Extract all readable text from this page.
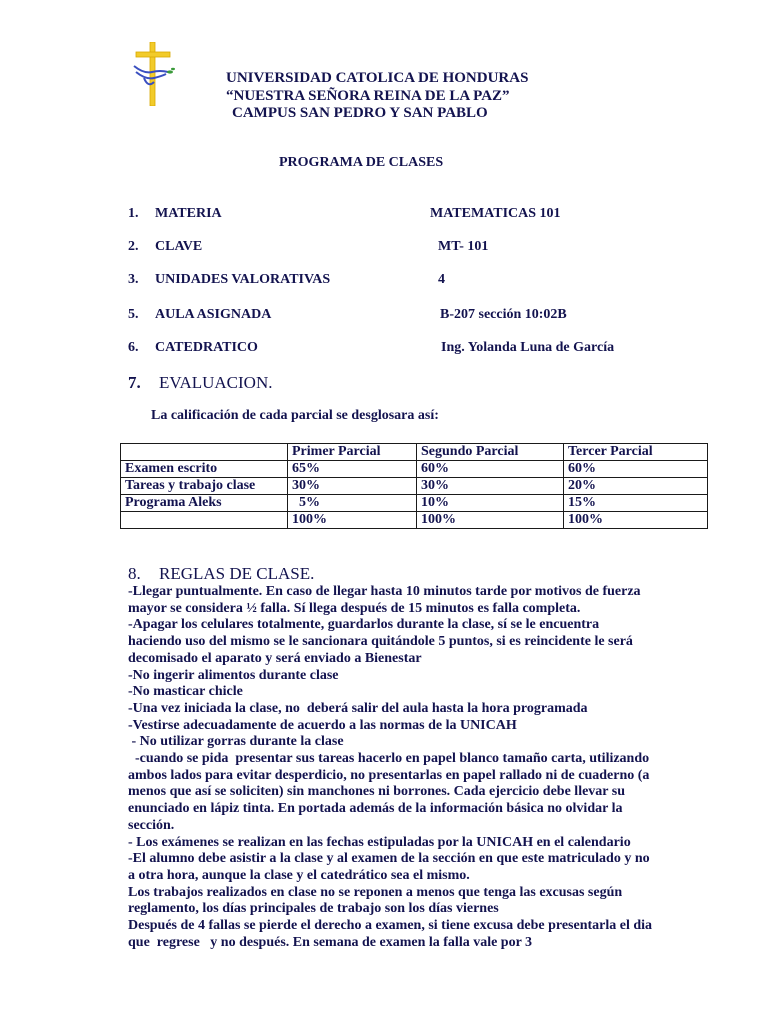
UNIVERSIDAD CATOLICA DE HONDURAS
“NUESTRA SEÑORA REINA DE LA PAZ”
CAMPUS SAN PEDRO Y SAN PABLO
PROGRAMA DE CLASES
1. MATERIA	MATEMATICAS 101
2. CLAVE	MT- 101
3. UNIDADES VALORATIVAS	4
5. AULA ASIGNADA	B-207 sección 10:02B
6. CATEDRATICO	Ing. Yolanda Luna de García
7. EVALUACION.
La calificación de cada parcial se desglosara así:
	Primer Parcial	Segundo Parcial	Tercer Parcial
Examen escrito	65%	60%	60%
Tareas y trabajo clase	30%	30%	20%
Programa Aleks	5%	10%	15%
	100%	100%	100%
8. REGLAS DE CLASE.
-Llegar puntualmente. En caso de llegar hasta 10 minutos tarde por motivos de fuerza
mayor se considera ½ falla. Sí llega después de 15 minutos es falla completa.
-Apagar los celulares totalmente, guardarlos durante la clase, sí se le encuentra
haciendo uso del mismo se le sancionara quitándole 5 puntos, si es reincidente le será
decomisado el aparato y será enviado a Bienestar
-No ingerir alimentos durante clase
-No masticar chicle
-Una vez iniciada la clase, no  deberá salir del aula hasta la hora programada
-Vestirse adecuadamente de acuerdo a las normas de la UNICAH
- No utilizar gorras durante la clase
-cuando se pida  presentar sus tareas hacerlo en papel blanco tamaño carta, utilizando
ambos lados para evitar desperdicio, no presentarlas en papel rallado ni de cuaderno (a
menos que así se soliciten) sin manchones ni borrones. Cada ejercicio debe llevar su
enunciado en lápiz tinta. En portada además de la información básica no olvidar la
sección.
- Los exámenes se realizan en las fechas estipuladas por la UNICAH en el calendario
-El alumno debe asistir a la clase y al examen de la sección en que este matriculado y no
a otra hora, aunque la clase y el catedrático sea el mismo.
Los trabajos realizados en clase no se reponen a menos que tenga las excusas según
reglamento, los días principales de trabajo son los días viernes
Después de 4 fallas se pierde el derecho a examen, si tiene excusa debe presentarla el dia
que  regrese   y no después. En semana de examen la falla vale por 3
